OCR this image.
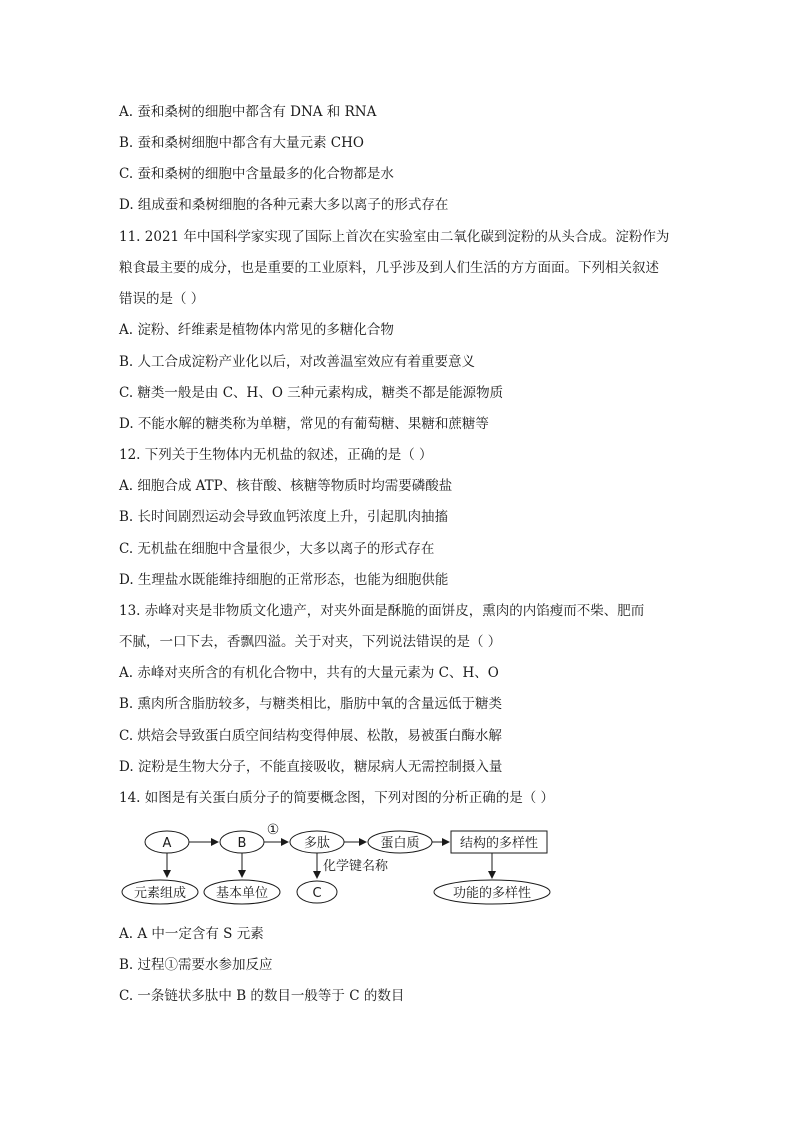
A. 蚕和桑树的细胞中都含有 DNA 和 RNA
B. 蚕和桑树细胞中都含有大量元素 CHO
C. 蚕和桑树的细胞中含量最多的化合物都是水
D. 组成蚕和桑树细胞的各种元素大多以离子的形式存在
11. 2021 年中国科学家实现了国际上首次在实验室由二氧化碳到淀粉的从头合成。淀粉作为
粮食最主要的成分，也是重要的工业原料，几乎涉及到人们生活的方方面面。下列相关叙述
错误的是（ ）
A. 淀粉、纤维素是植物体内常见的多糖化合物
B. 人工合成淀粉产业化以后，对改善温室效应有着重要意义
C. 糖类一般是由 C、H、O 三种元素构成，糖类不都是能源物质
D. 不能水解的糖类称为单糖，常见的有葡萄糖、果糖和蔗糖等
12. 下列关于生物体内无机盐的叙述，正确的是（ ）
A. 细胞合成 ATP、核苷酸、核糖等物质时均需要磷酸盐
B. 长时间剧烈运动会导致血钙浓度上升，引起肌肉抽搐
C. 无机盐在细胞中含量很少，大多以离子的形式存在
D. 生理盐水既能维持细胞的正常形态，也能为细胞供能
13. 赤峰对夹是非物质文化遗产，对夹外面是酥脆的面饼皮，熏肉的内馅瘦而不柴、肥而
不腻，一口下去，香飘四溢。关于对夹，下列说法错误的是（ ）
A. 赤峰对夹所含的有机化合物中，共有的大量元素为 C、H、O
B. 熏肉所含脂肪较多，与糖类相比，脂肪中氧的含量远低于糖类
C. 烘焙会导致蛋白质空间结构变得伸展、松散，易被蛋白酶水解
D. 淀粉是生物大分子，不能直接吸收，糖尿病人无需控制摄入量
14. 如图是有关蛋白质分子的简要概念图，下列对图的分析正确的是（ ）
A	B	多肽	蛋白质	结构的多样性
①
化学键名称
元素组成 基本单位	C	功能的多样性
A. A 中一定含有 S 元素
B. 过程①需要水参加反应
C. 一条链状多肽中 B 的数目一般等于 C 的数目
